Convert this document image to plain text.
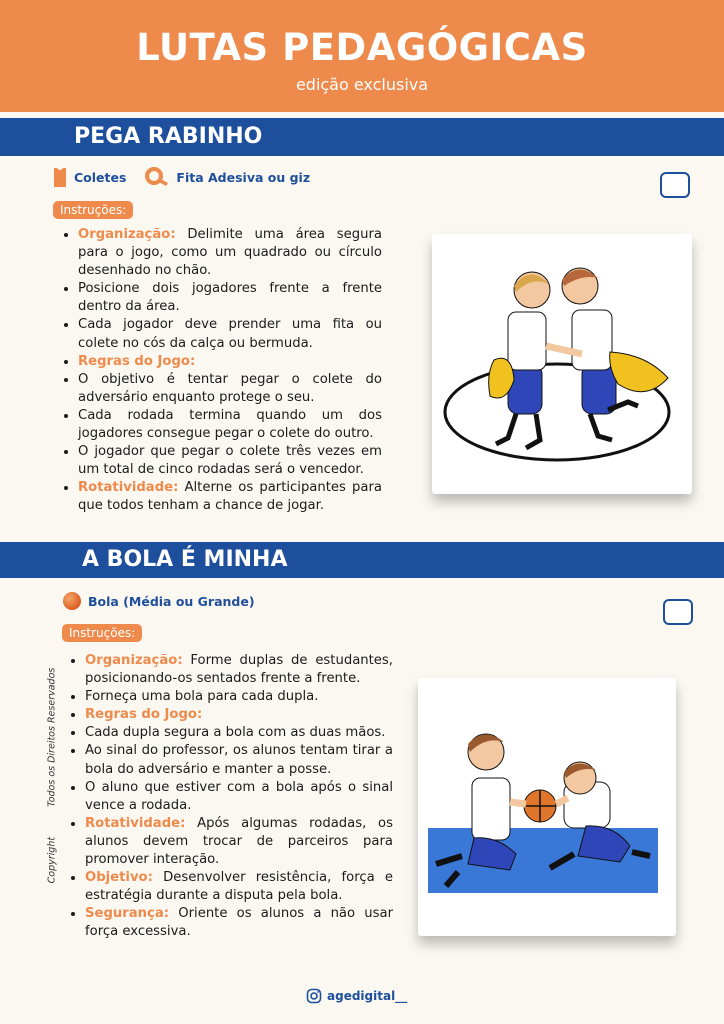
LUTAS PEDAGÓGICAS
edição exclusiva
PEGA RABINHO
Coletes	Fita Adesiva ou giz
Instruções:
• Organização: Delimite uma área segura para o jogo, como um quadrado ou círculo desenhado no chão.
• Posicione dois jogadores frente a frente dentro da área.
• Cada jogador deve prender uma fita ou colete no cós da calça ou bermuda.
• Regras do Jogo:
• O objetivo é tentar pegar o colete do adversário enquanto protege o seu.
• Cada rodada termina quando um dos jogadores consegue pegar o colete do outro.
• O jogador que pegar o colete três vezes em um total de cinco rodadas será o vencedor.
• Rotatividade: Alterne os participantes para que todos tenham a chance de jogar.
A BOLA É MINHA
Bola (Média ou Grande)
Instruções:
• Organização: Forme duplas de estudantes, posicionando-os sentados frente a frente.
• Forneça uma bola para cada dupla.
• Regras do Jogo:
• Cada dupla segura a bola com as duas mãos.
• Ao sinal do professor, os alunos tentam tirar a bola do adversário e manter a posse.
• O aluno que estiver com a bola após o sinal vence a rodada.
• Rotatividade: Após algumas rodadas, os alunos devem trocar de parceiros para promover interação.
• Objetivo: Desenvolver resistência, força e estratégia durante a disputa pela bola.
• Segurança: Oriente os alunos a não usar força excessiva.
CopyrightTodos os Direitos Reservados
agedigital__
